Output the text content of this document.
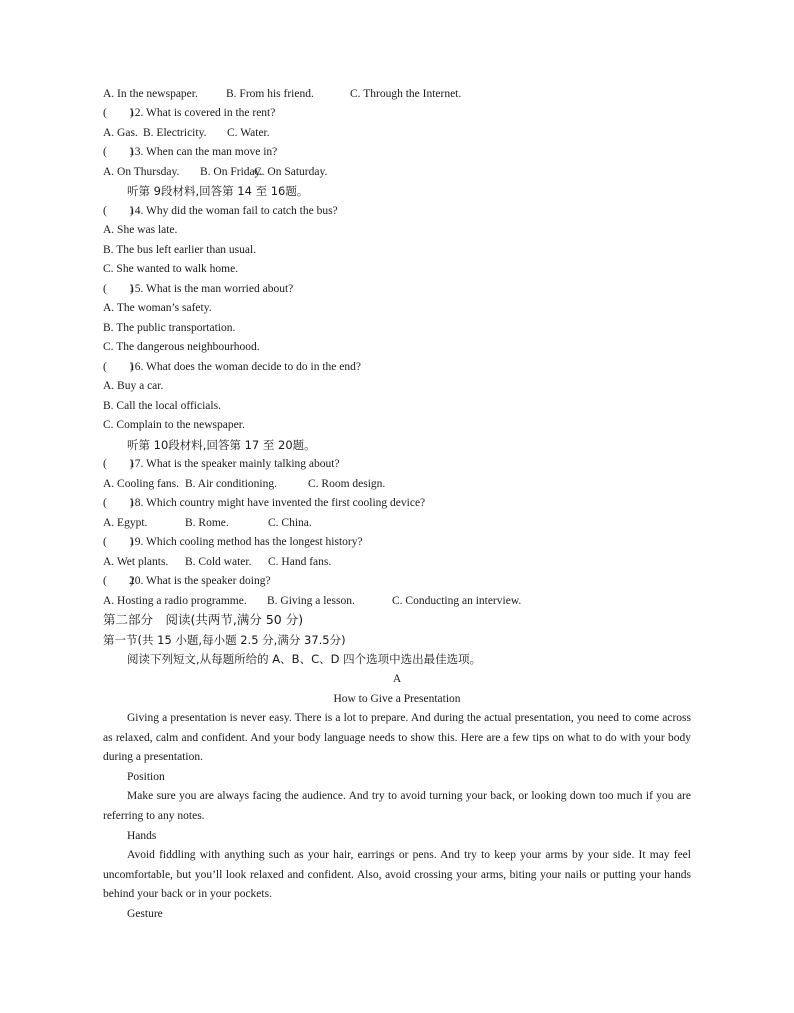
A. In the newspaper. B. From his friend.	C. Through the Internet.
(　　)12. What is covered in the rent?
A. Gas. B. Electricity. C. Water.
(　　)13. When can the man move in?
A. On Thursday. B. On Friday.C. On Saturday.
听第 9段材料,回答第 14 至 16题。
(　　)14. Why did the woman fail to catch the bus?
A. She was late.
B. The bus left earlier than usual.
C. She wanted to walk home.
(　　)15. What is the man worried about?
A. The woman’s safety.
B. The public transportation.
C. The dangerous neighbourhood.
(　　)16. What does the woman decide to do in the end?
A. Buy a car.
B. Call the local officials.
C. Complain to the newspaper.
听第 10段材料,回答第 17 至 20题。
(　　)17. What is the speaker mainly talking about?
A. Cooling fans. B. Air conditioning.	C. Room design.
(　　)18. Which country might have invented the first cooling device?
A. Egypt.	B. Rome.	C. China.
(　　)19. Which cooling method has the longest history?
A. Wet plants. B. Cold water. C. Hand fans.
(　　)20. What is the speaker doing?
A. Hosting a radio programme. B. Giving a lesson.	C. Conducting an interview.
第二部分　阅读(共两节,满分 50 分)
第一节(共 15 小题,每小题 2.5 分,满分 37.5分)
阅读下列短文,从每题所给的 A、B、C、D 四个选项中选出最佳选项。
A
How to Give a Presentation

Giving a presentation is never easy. There is a lot to prepare. And during the actual presentation, you need to come across as relaxed, calm and confident. And your body language needs to show this. Here are a few tips on what to do with your body during a presentation.

Position

Make sure you are always facing the audience. And try to avoid turning your back, or looking down too much if you are referring to any notes.

Hands

Avoid fiddling with anything such as your hair, earrings or pens. And try to keep your arms by your side. It may feel uncomfortable, but you’ll look relaxed and confident. Also, avoid crossing your arms, biting your nails or putting your hands behind your back or in your pockets.

Gesture
